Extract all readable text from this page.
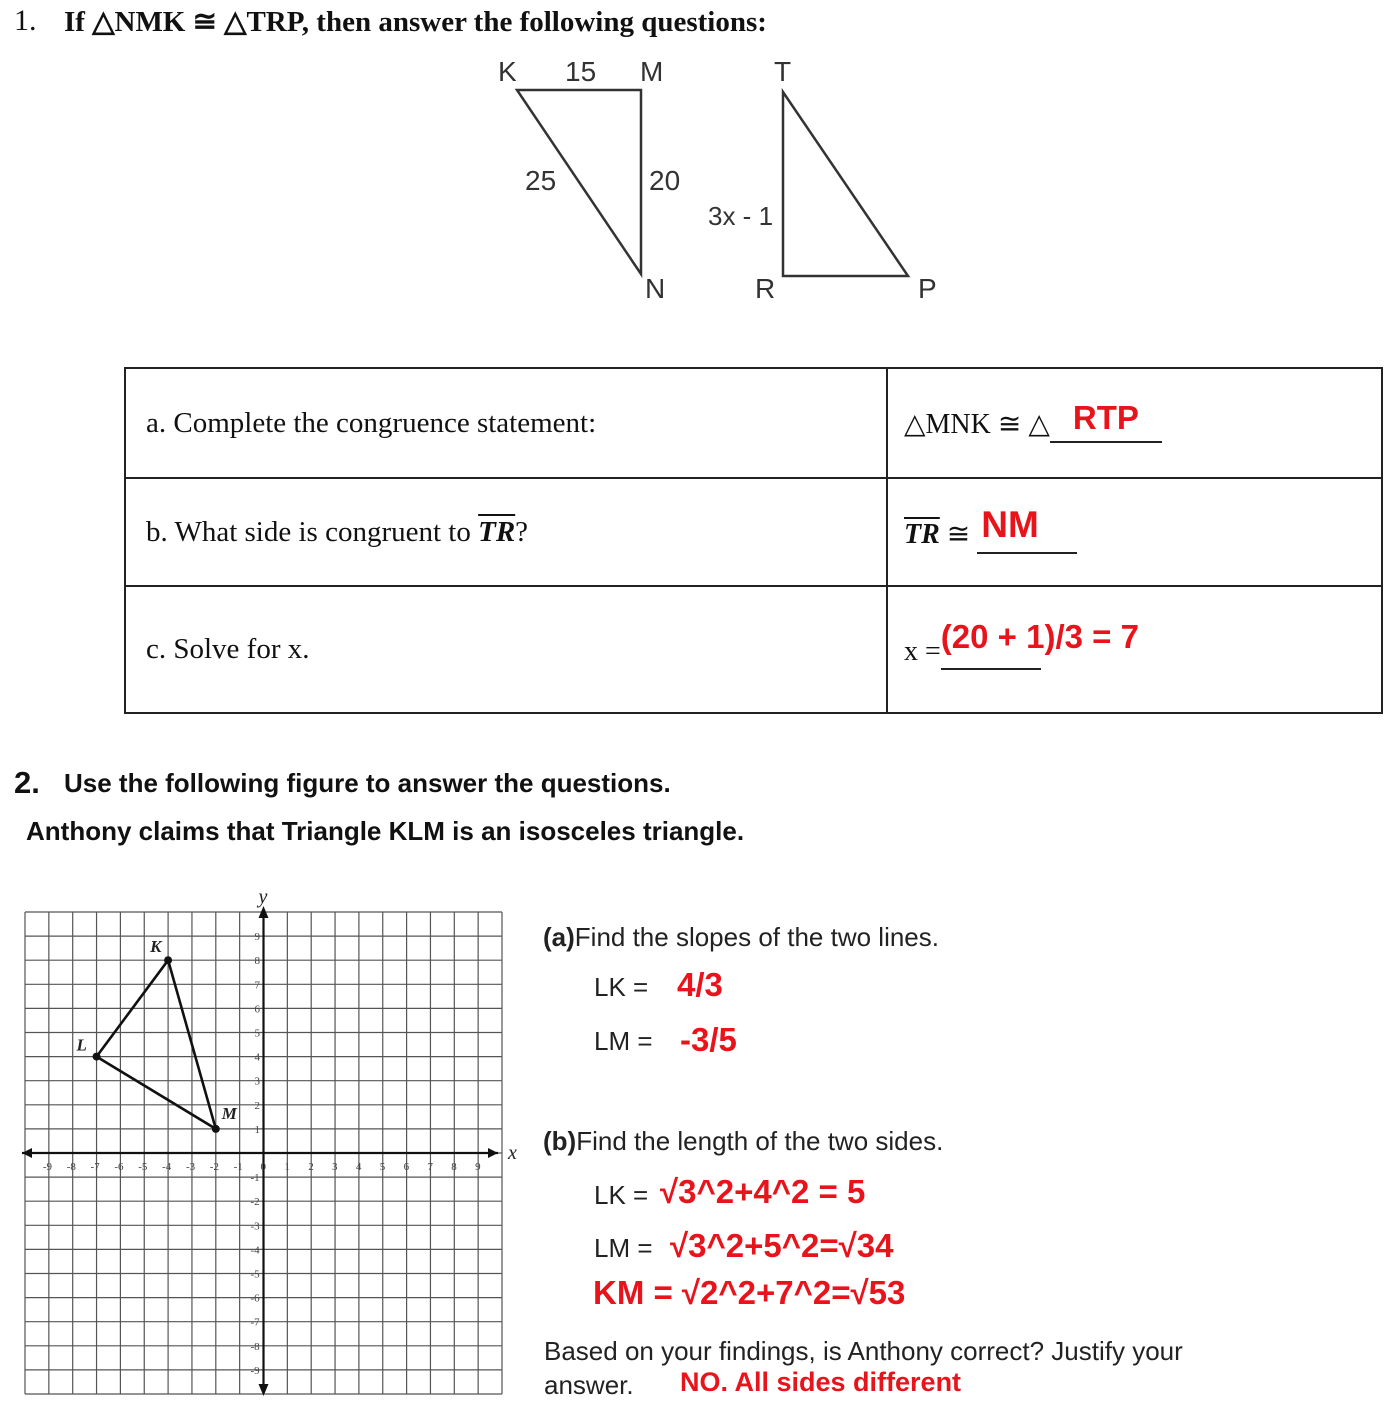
1. If △NMK ≅ △TRP, then answer the following questions:
K	M
N
T
R	P
15
25	20
3x - 1
a. Complete the congruence statement:	△MNK ≅ △ RTP
b. What side is congruent to $\overline{TR}$?	$\overline{TR}$ ≅ NM
c. Solve for x.	x =(20 + 1)/3 = 7
2. Use the following figure to answer the questions.
Anthony claims that Triangle KLM is an isosceles triangle.
x
y
-9 -8 -7 -6 -5 -4 -3 -2 -1 0 1 2 3 4 5 6 7 8 9
9
8
7
6
5
4
3
2
1
-1
-2
-3
-4
-5
-6
-7
-8
-9
K
L
M
(a)Find the slopes of the two lines.
LK = 4/3
LM = -3/5
(b)Find the length of the two sides.
LK = √3^2+4^2 = 5
LM = √3^2+5^2=√34
KM = √2^2+7^2=√53
Based on your findings, is Anthony correct? Justify your
answer. NO. All sides different
